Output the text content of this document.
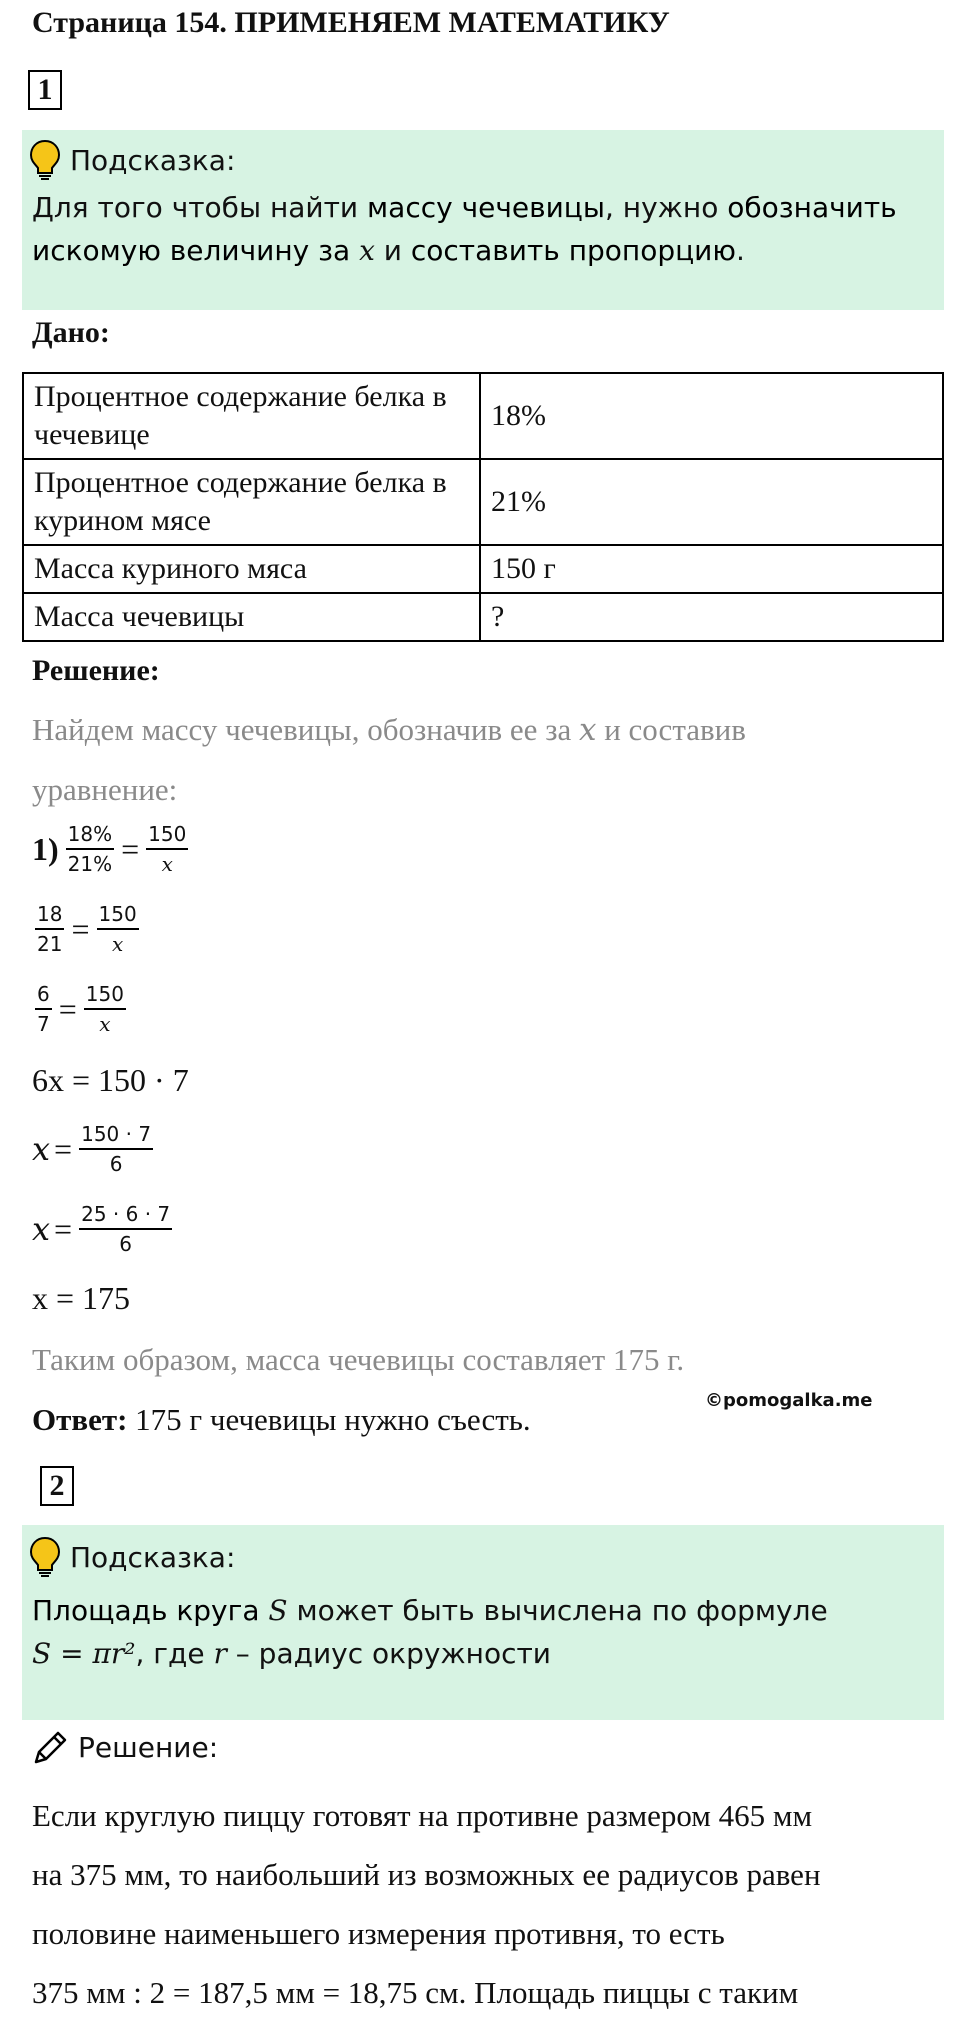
Страница 154. ПРИМЕНЯЕМ МАТЕМАТИКУ
1
Подсказка:
Для того чтобы найти массу чечевицы, нужно обозначить искомую величину за x и составить пропорцию.
Дано:
Процентное содержание белка в чечевице	18%
Процентное содержание белка в курином мясе	21%
Масса куриного мяса	150 г
Масса чечевицы	?
Решение:
Найдем массу чечевицы, обозначив ее за x и составив
уравнение:
$1) \frac{18\%}{21\%} = \frac{150}{x}$
$\frac{18}{21} = \frac{150}{x}$
$\frac{6}{7} = \frac{150}{x}$
6x = 150 · 7
$x = \frac{150 \cdot 7}{6}$
$x = \frac{25 \cdot 6 \cdot 7}{6}$
x = 175
Таким образом, масса чечевицы составляет 175 г.
©pomogalka.me
Ответ: 175 г чечевицы нужно съесть.
2
Подсказка:
Площадь круга S может быть вычислена по формуле
S = πr², где r – радиус окружности
Решение:
Если круглую пиццу готовят на противне размером 465 мм
на 375 мм, то наибольший из возможных ее радиусов равен
половине наименьшего измерения противня, то есть
375 мм : 2 = 187,5 мм = 18,75 см. Площадь пиццы с таким
